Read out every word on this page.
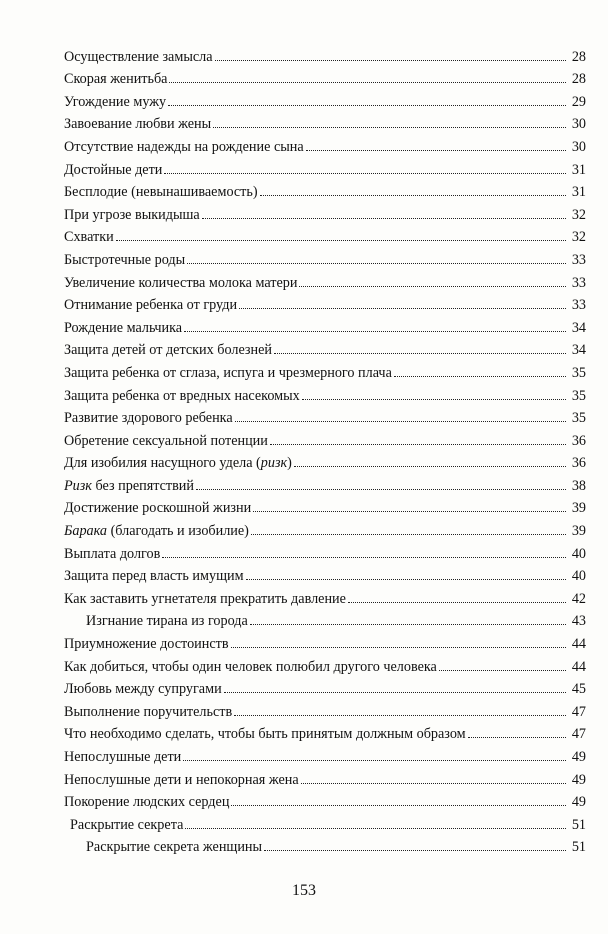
Осуществление замысла	28
Скорая женитьба	28
Угождение мужу	29
Завоевание любви жены	30
Отсутствие надежды на рождение сына	30
Достойные дети	31
Бесплодие (невынашиваемость)	31
При угрозе выкидыша	32
Схватки	32
Быстротечные роды	33
Увеличение количества молока матери	33
Отнимание ребенка от груди	33
Рождение мальчика	34
Защита детей от детских болезней	34
Защита ребенка от сглаза, испуга и чрезмерного плача	35
Защита ребенка от вредных насекомых	35
Развитие здорового ребенка	35
Обретение сексуальной потенции	36
Для изобилия насущного удела (ризк)	36
Ризк без препятствий	38
Достижение роскошной жизни	39
Барака (благодать и изобилие)	39
Выплата долгов	40
Защита перед власть имущим	40
Как заставить угнетателя прекратить давление	42
Изгнание тирана из города	43
Приумножение достоинств	44
Как добиться, чтобы один человек полюбил другого человека	44
Любовь между супругами	45
Выполнение поручительств	47
Что необходимо сделать, чтобы быть принятым должным образом	47
Непослушные дети	49
Непослушные дети и непокорная жена	49
Покорение людских сердец	49
Раскрытие секрета	51
Раскрытие секрета женщины	51
153
